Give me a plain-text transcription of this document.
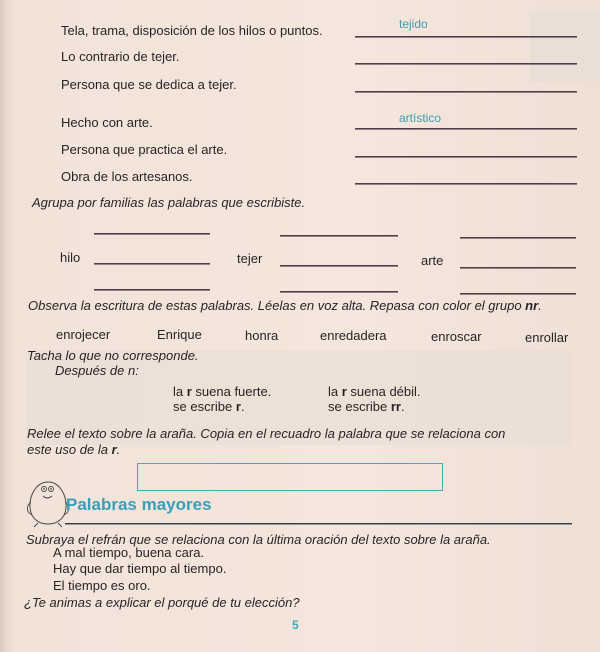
Tela, trama, disposición de los hilos o puntos.	tejido
Lo contrario de tejer.
Persona que se dedica a tejer.
Hecho con arte.	artístico
Persona que practica el arte.
Obra de los artesanos.
Agrupa por familias las palabras que escribiste.
hilo	tejer	arte
Observa la escritura de estas palabras. Léelas en voz alta. Repasa con color el grupo nr.
enrojecer	Enrique	honra	enredadera	enroscar	enrollar
Tacha lo que no corresponde.
Después de n:
la r suena fuerte.
se escribe r.
la r suena débil.
se escribe rr.
Relee el texto sobre la araña. Copia en el recuadro la palabra que se relaciona con
este uso de la r.
Palabras mayores
Subraya el refrán que se relaciona con la última oración del texto sobre la araña.
A mal tiempo, buena cara.
Hay que dar tiempo al tiempo.
El tiempo es oro.
¿Te animas a explicar el porqué de tu elección?
5
